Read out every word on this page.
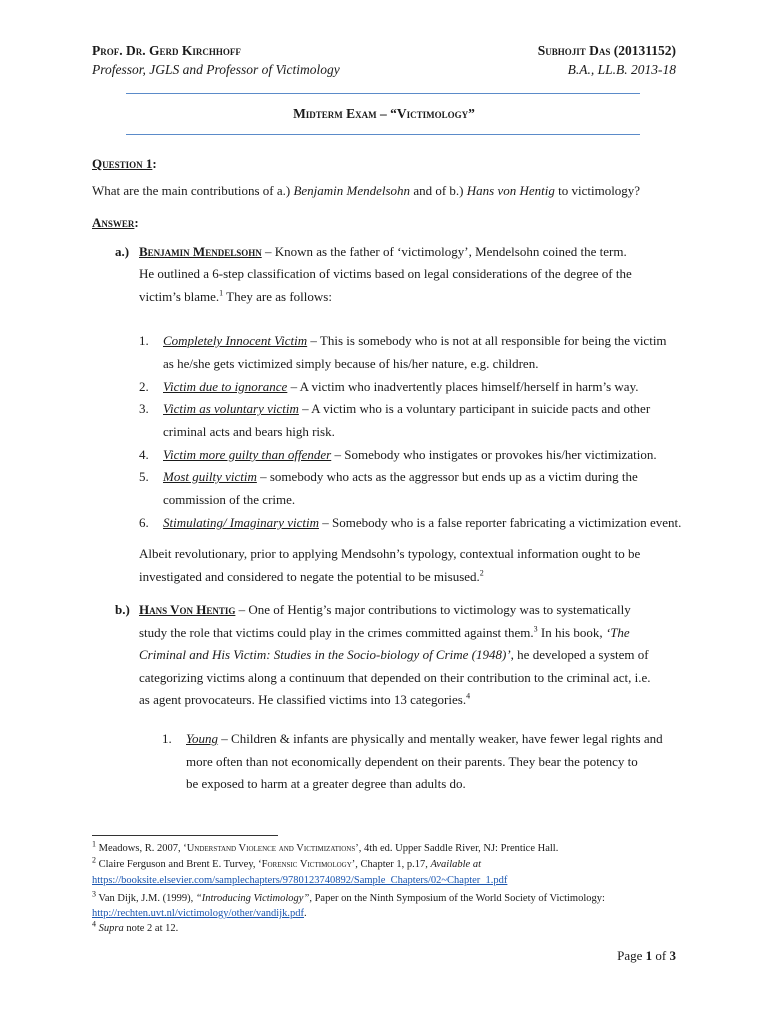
Prof. Dr. Gerd Kirchhoff
Professor, JGLS and Professor of Victimology
Subhojit Das (20131152)
B.A., LL.B. 2013-18
Midterm Exam – “Victimology”
Question 1:
What are the main contributions of a.) Benjamin Mendelsohn and of b.) Hans von Hentig to victimology?
Answer:
a.) Benjamin Mendelsohn – Known as the father of ‘victimology’, Mendelsohn coined the term.
He outlined a 6-step classification of victims based on legal considerations of the degree of the
victim’s blame.$^1$ They are as follows:
1.	Completely Innocent Victim – This is somebody who is not at all responsible for being the victim
as he/she gets victimized simply because of his/her nature, e.g. children.
2.	Victim due to ignorance – A victim who inadvertently places himself/herself in harm’s way.
3.	Victim as voluntary victim – A victim who is a voluntary participant in suicide pacts and other
criminal acts and bears high risk.
4.	Victim more guilty than offender – Somebody who instigates or provokes his/her victimization.
5.	Most guilty victim – somebody who acts as the aggressor but ends up as a victim during the
commission of the crime.
6.	Stimulating/ Imaginary victim – Somebody who is a false reporter fabricating a victimization event.
Albeit revolutionary, prior to applying Mendsohn’s typology, contextual information ought to be
investigated and considered to negate the potential to be misused.$^2$
b.) Hans Von Hentig – One of Hentig’s major contributions to victimology was to systematically
study the role that victims could play in the crimes committed against them.$^3$ In his book, ‘The
Criminal and His Victim: Studies in the Socio-biology of Crime (1948)’, he developed a system of
categorizing victims along a continuum that depended on their contribution to the criminal act, i.e.
as agent provocateurs. He classified victims into 13 categories.$^4$
1. Young – Children & infants are physically and mentally weaker, have fewer legal rights and
more often than not economically dependent on their parents. They bear the potency to
be exposed to harm at a greater degree than adults do.
$^1$ Meadows, R. 2007, ‘Understand Violence and Victimizations’, 4th ed. Upper Saddle River, NJ: Prentice Hall.
$^2$ Claire Ferguson and Brent E. Turvey, ‘Forensic Victimology’, Chapter 1, p.17, Available at
https://booksite.elsevier.com/samplechapters/9780123740892/Sample_Chapters/02~Chapter_1.pdf
$^3$ Van Dijk, J.M. (1999), “Introducing Victimology”, Paper on the Ninth Symposium of the World Society of Victimology:
http://rechten.uvt.nl/victimology/other/vandijk.pdf.
$^4$ Supra note 2 at 12.
Page 1 of 3
